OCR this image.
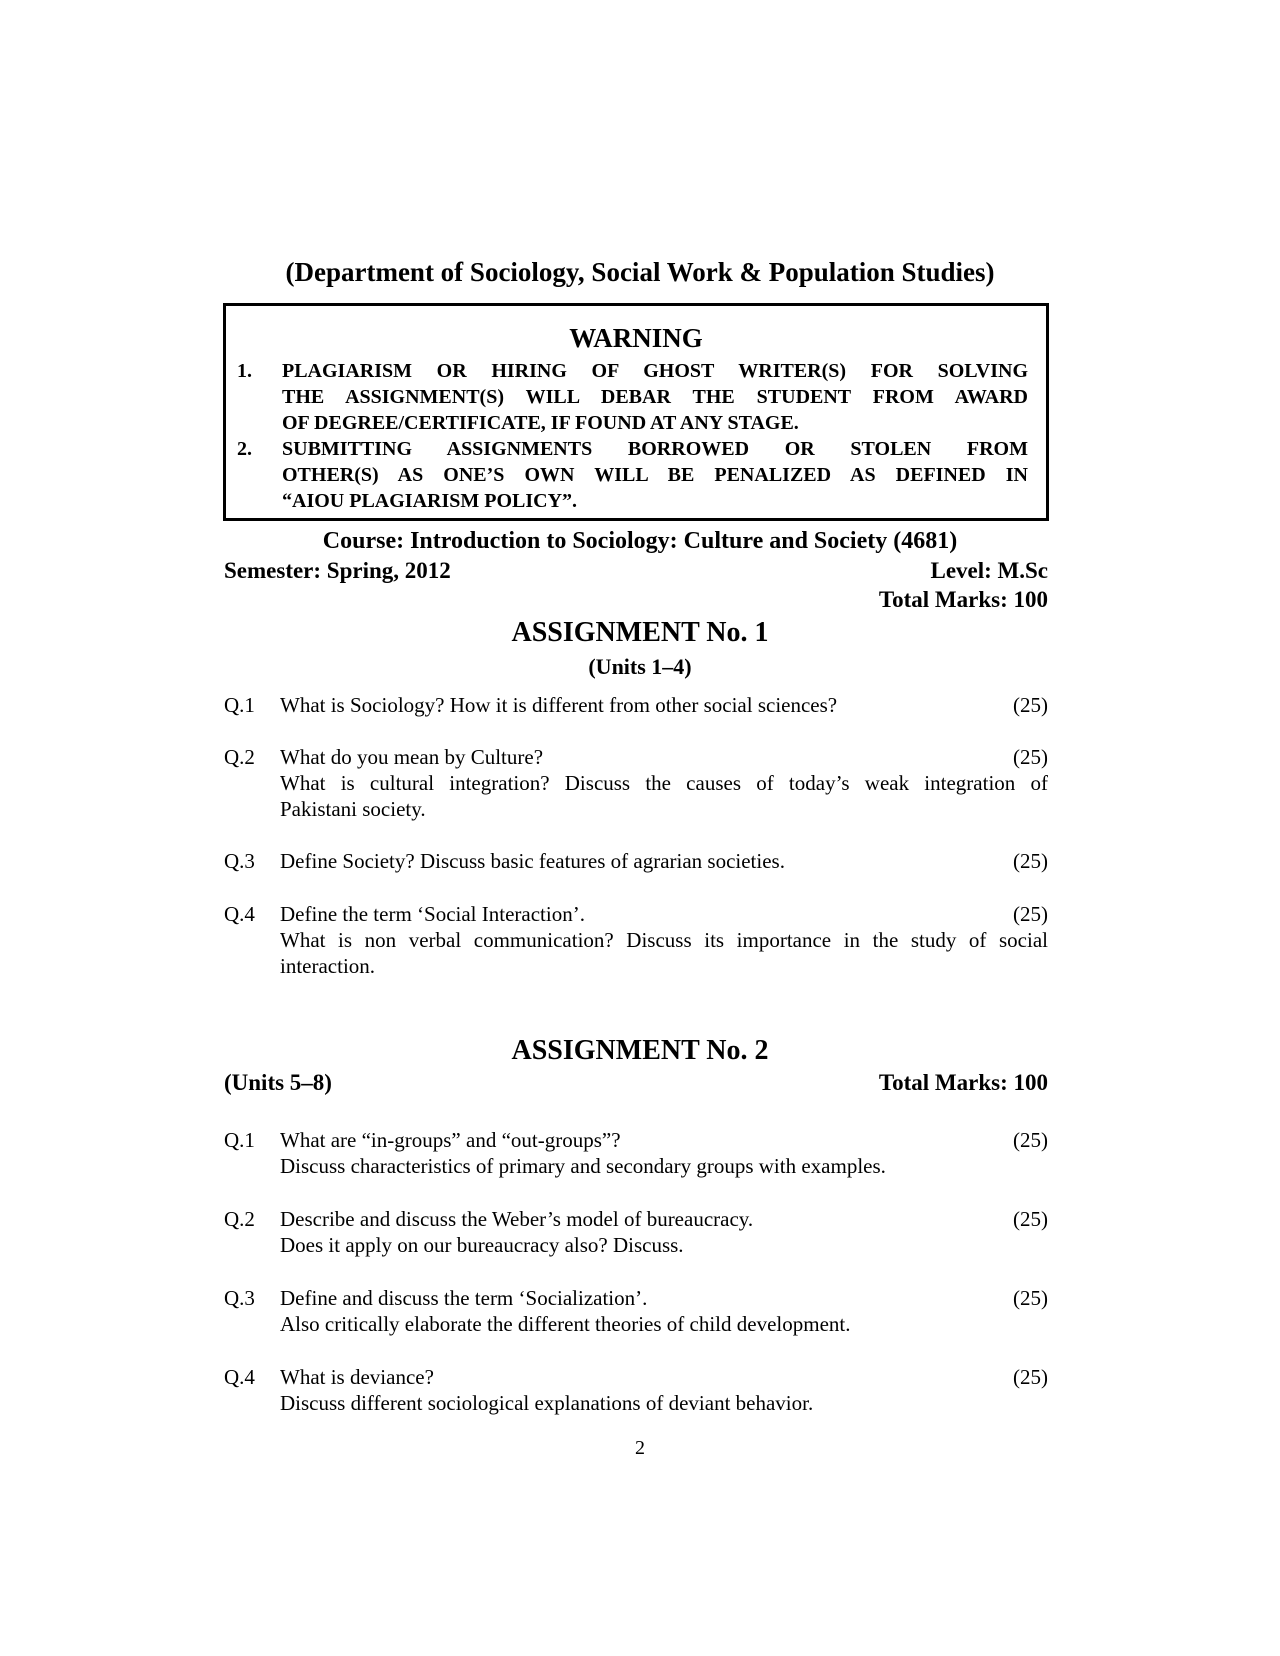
(Department of Sociology, Social Work & Population Studies)
WARNING
1. PLAGIARISM OR HIRING OF GHOST WRITER(S) FOR SOLVING
THE ASSIGNMENT(S) WILL DEBAR THE STUDENT FROM AWARD
OF DEGREE/CERTIFICATE, IF FOUND AT ANY STAGE.
2. SUBMITTING ASSIGNMENTS BORROWED OR STOLEN FROM
OTHER(S) AS ONE’S OWN WILL BE PENALIZED AS DEFINED IN
“AIOU PLAGIARISM POLICY”.
Course: Introduction to Sociology: Culture and Society (4681)
Semester: Spring, 2012	Level: M.Sc
Total Marks: 100
ASSIGNMENT No. 1
(Units 1–4)
Q.1 What is Sociology? How it is different from other social sciences?	(25)
Q.2 What do you mean by Culture?
What is cultural integration? Discuss the causes of today’s weak integration of
Pakistani society.
(25)
Q.3 Define Society? Discuss basic features of agrarian societies.	(25)
Q.4 Define the term ‘Social Interaction’.
What is non verbal communication? Discuss its importance in the study of social
interaction.
(25)
ASSIGNMENT No. 2
(Units 5–8)	Total Marks: 100
Q.1 What are “in-groups” and “out-groups”?
Discuss characteristics of primary and secondary groups with examples.
(25)
Q.2 Describe and discuss the Weber’s model of bureaucracy.
Does it apply on our bureaucracy also? Discuss.
(25)
Q.3 Define and discuss the term ‘Socialization’.
Also critically elaborate the different theories of child development.
(25)
Q.4 What is deviance?
Discuss different sociological explanations of deviant behavior.
(25)
2
